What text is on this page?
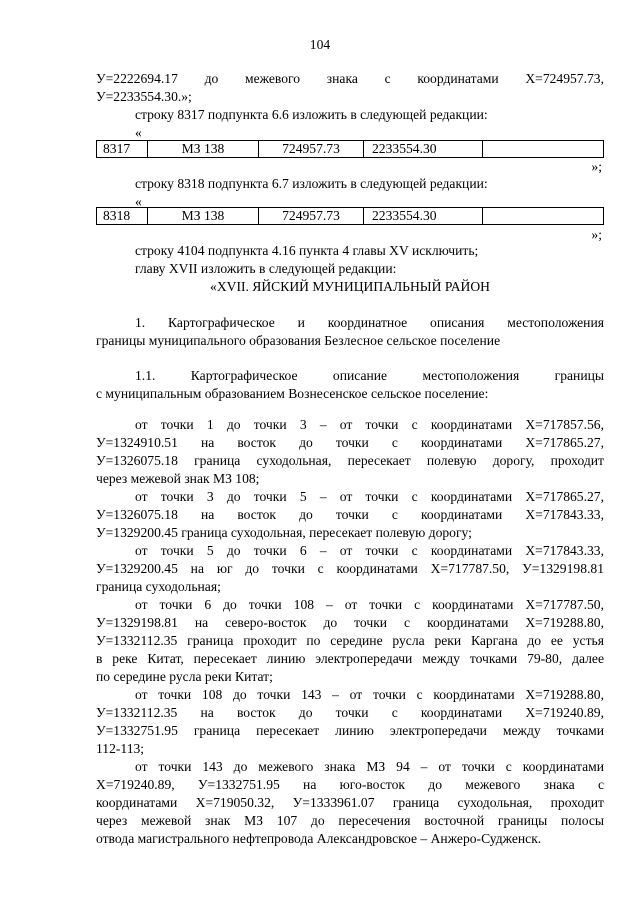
104
У=2222694.17 до межевого знака с координатами Х=724957.73,
У=2233554.30.»;
строку 8317 подпункта 6.6 изложить в следующей редакции:
«
8317	МЗ 138	724957.73	2233554.30	
»;
строку 8318 подпункта 6.7 изложить в следующей редакции:
«
8318	МЗ 138	724957.73	2233554.30	
»;
строку 4104 подпункта 4.16 пункта 4 главы XV исключить;
главу XVII изложить в следующей редакции:
«XVII. ЯЙСКИЙ МУНИЦИПАЛЬНЫЙ РАЙОН
1. Картографическое и координатное описания местоположения
границы муниципального образования Безлесное сельское поселение
1.1. Картографическое описание местоположения границы
с муниципальным образованием Вознесенское сельское поселение:
от точки 1 до точки 3 – от точки с координатами Х=717857.56,
У=1324910.51 на восток до точки с координатами Х=717865.27,
У=1326075.18 граница суходольная, пересекает полевую дорогу, проходит
через межевой знак МЗ 108;
от точки 3 до точки 5 – от точки с координатами Х=717865.27,
У=1326075.18 на восток до точки с координатами Х=717843.33,
У=1329200.45 граница суходольная, пересекает полевую дорогу;
от точки 5 до точки 6 – от точки с координатами Х=717843.33,
У=1329200.45 на юг до точки с координатами Х=717787.50, У=1329198.81
граница суходольная;
от точки 6 до точки 108 – от точки с координатами Х=717787.50,
У=1329198.81 на северо-восток до точки с координатами Х=719288.80,
У=1332112.35 граница проходит по середине русла реки Каргана до ее устья
в реке Китат, пересекает линию электропередачи между точками 79-80, далее
по середине русла реки Китат;
от точки 108 до точки 143 – от точки с координатами Х=719288.80,
У=1332112.35 на восток до точки с координатами Х=719240.89,
У=1332751.95 граница пересекает линию электропередачи между точками
112-113;
от точки 143 до межевого знака МЗ 94 – от точки с координатами
Х=719240.89, У=1332751.95 на юго-восток до межевого знака с
координатами Х=719050.32, У=1333961.07 граница суходольная, проходит
через межевой знак МЗ 107 до пересечения восточной границы полосы
отвода магистрального нефтепровода Александровское – Анжеро-Судженск.
